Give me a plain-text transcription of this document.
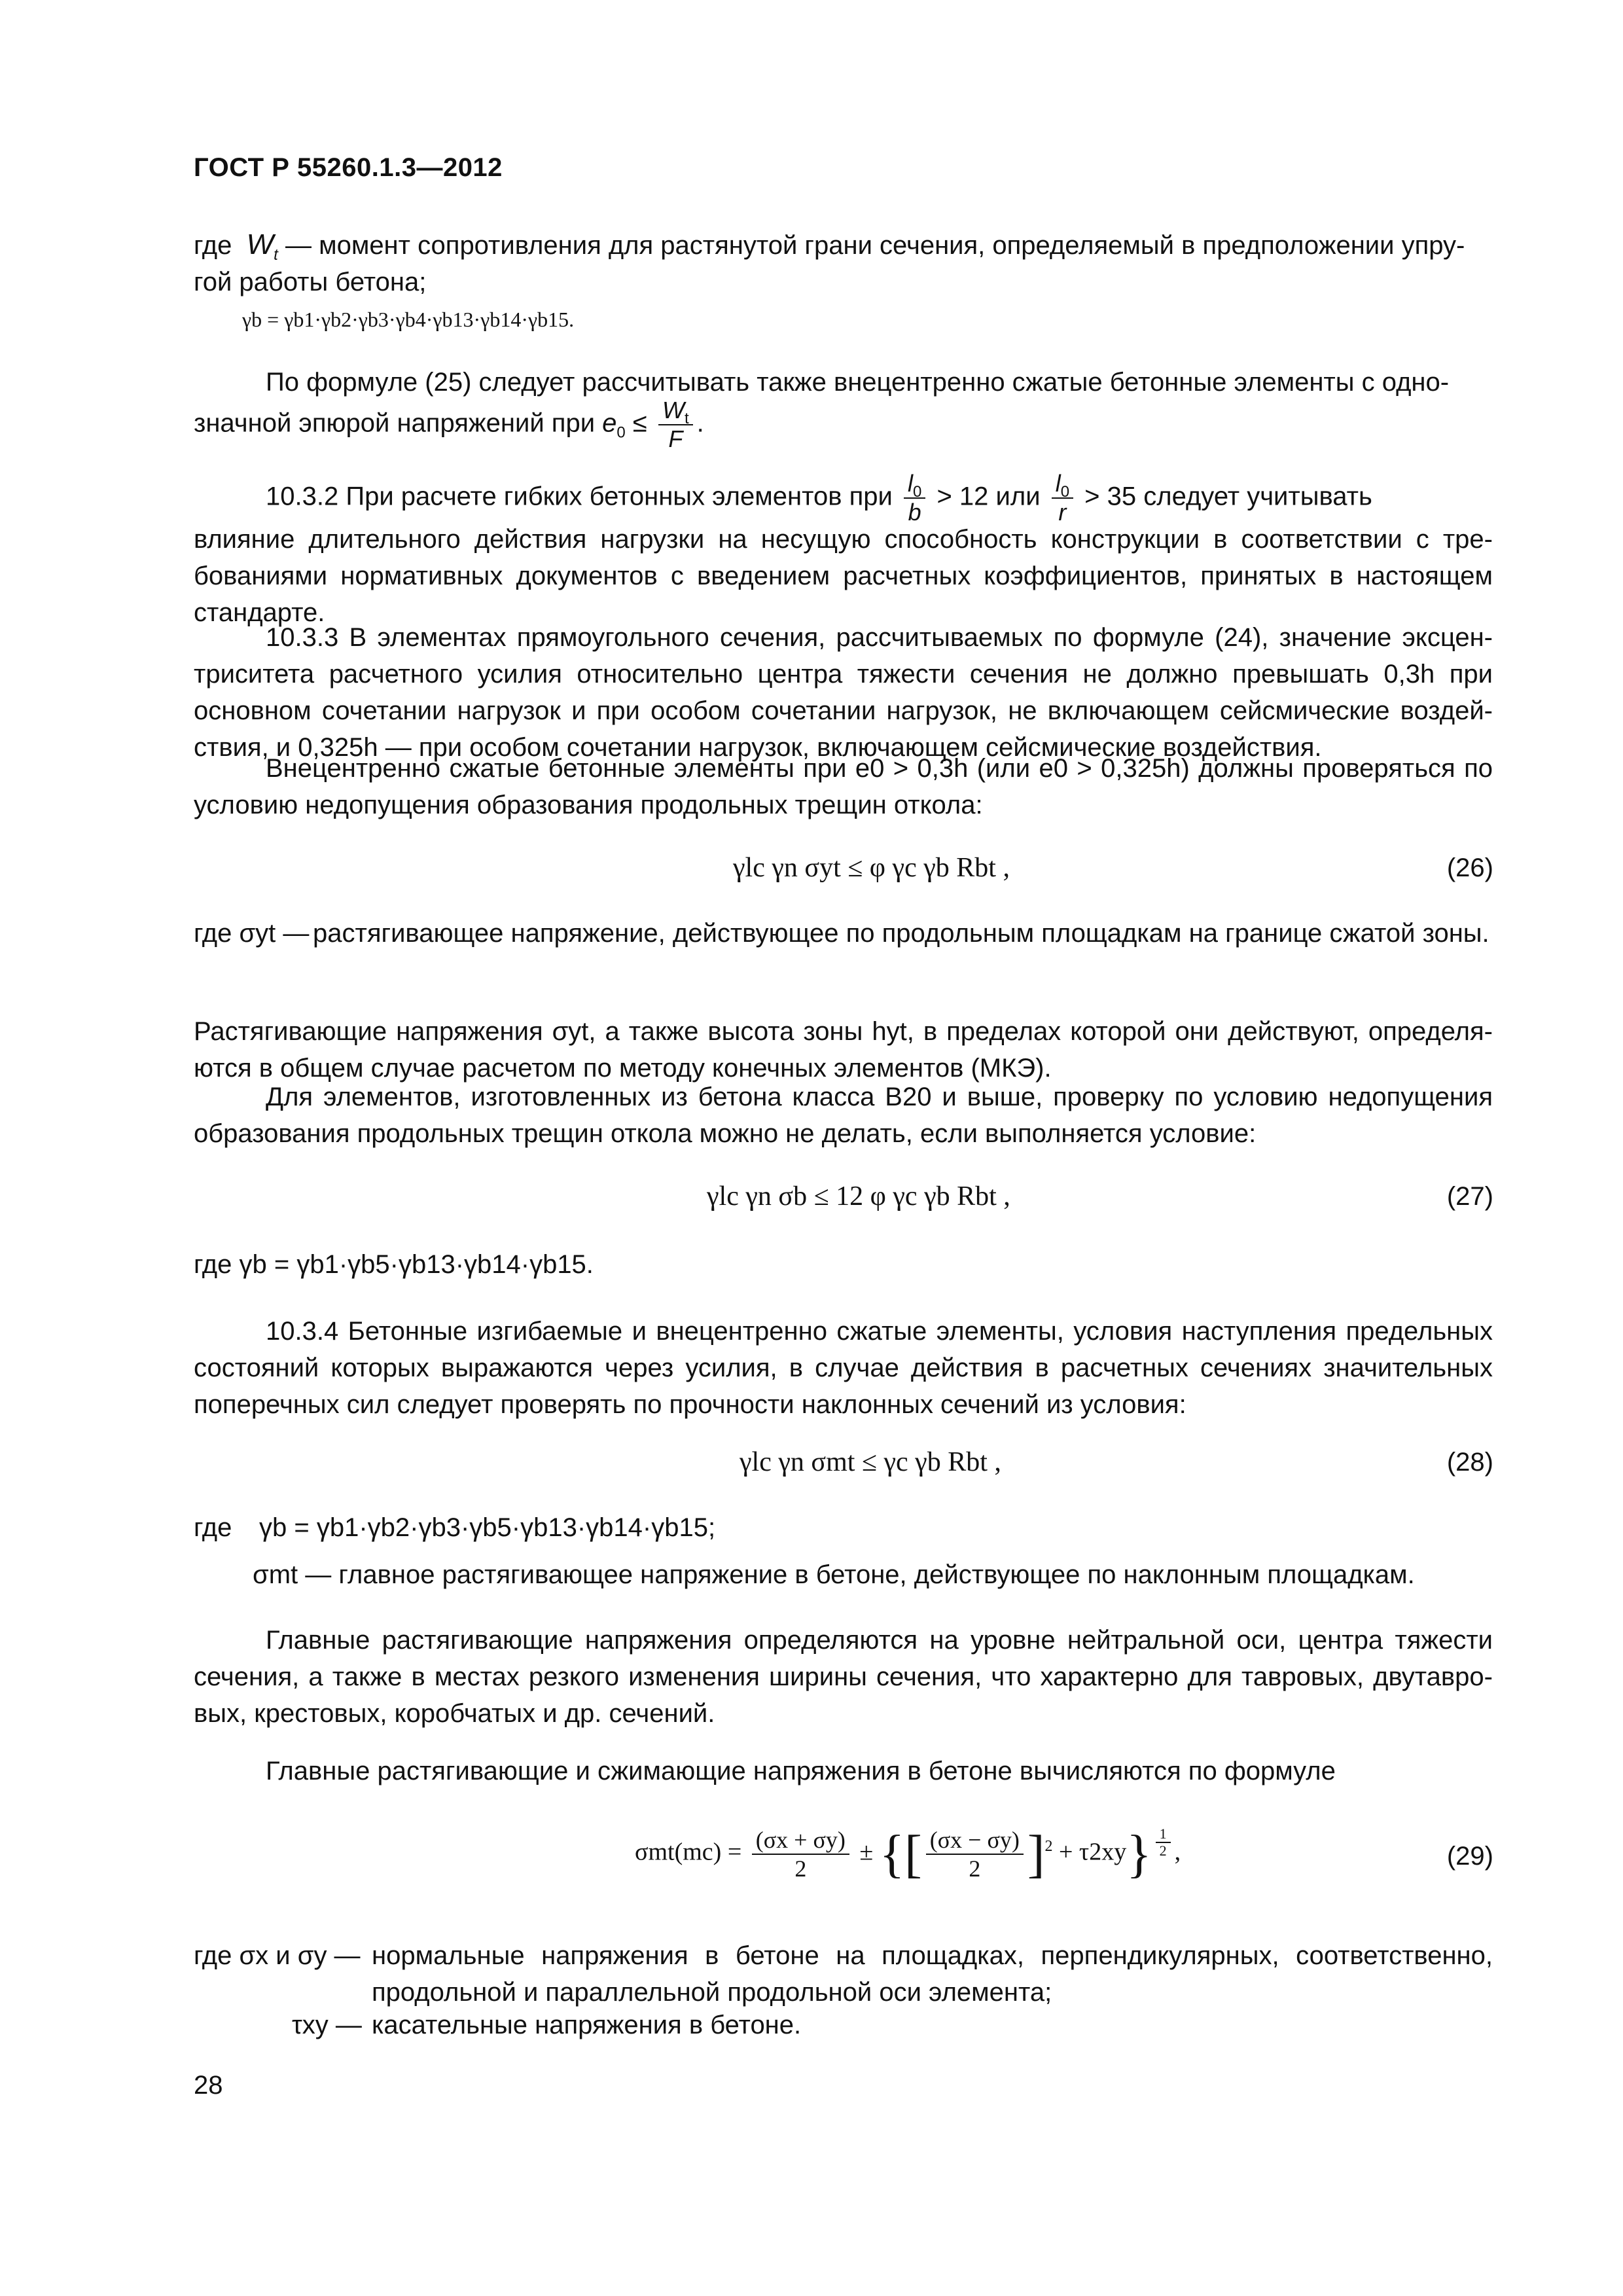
ГОСТ Р 55260.1.3—2012
где $W_t$ — момент сопротивления для растянутой грани сечения, определяемый в предположении упру-
гой работы бетона;
γb = γb1·γb2·γb3·γb4·γb13·γb14·γb15.
По формуле (25) следует рассчитывать также внецентренно сжатые бетонные элементы с одно-
значной эпюрой напряжений при $e_0 \le \frac{W_t}{F}$ .
10.3.2 При расчете гибких бетонных элементов при $\frac{l_0}{b} > 12$ или $\frac{l_0}{r} > 35$ следует учитывать
влияние длительного действия нагрузки на несущую способность конструкции в соответствии с тре-бованиями нормативных документов с введением расчетных коэффициентов, принятых в настоящем стандарте.
10.3.3 В элементах прямоугольного сечения, рассчитываемых по формуле (24), значение эксцен-триситета расчетного усилия относительно центра тяжести сечения не должно превышать 0,3h при основном сочетании нагрузок и при особом сочетании нагрузок, не включающем сейсмические воздей-ствия, и 0,325h — при особом сочетании нагрузок, включающем сейсмические воздействия.
Внецентренно сжатые бетонные элементы при e0 > 0,3h (или e0 > 0,325h) должны проверяться по условию недопущения образования продольных трещин откола:
γlc γn σyt ≤ φ γc γb Rbt ,	(26)
где σyt — растягивающее напряжение, действующее по продольным площадкам на границе сжатой зоны.
Растягивающие напряжения σyt, а также высота зоны hyt, в пределах которой они действуют, определя-ются в общем случае расчетом по методу конечных элементов (МКЭ).
Для элементов, изготовленных из бетона класса В20 и выше, проверку по условию недопущения образования продольных трещин откола можно не делать, если выполняется условие:
γlc γn σb ≤ 12 φ γc γb Rbt ,	(27)
где γb = γb1·γb5·γb13·γb14·γb15.
10.3.4 Бетонные изгибаемые и внецентренно сжатые элементы, условия наступления предельных состояний которых выражаются через усилия, в случае действия в расчетных сечениях значительных поперечных сил следует проверять по прочности наклонных сечений из условия:
γlc γn σmt ≤ γc γb Rbt ,	(28)
где γb = γb1·γb2·γb3·γb5·γb13·γb14·γb15;
σmt — главное растягивающее напряжение в бетоне, действующее по наклонным площадкам.
Главные растягивающие напряжения определяются на уровне нейтральной оси, центра тяжести сечения, а также в местах резкого изменения ширины сечения, что характерно для тавровых, двутавро-вых, крестовых, коробчатых и др. сечений.
Главные растягивающие и сжимающие напряжения в бетоне вычисляются по формуле
$\sigma mt(mc) = \frac{(\sigma x + \sigma y)}{2}$ ± {[ $\frac{(\sigma x - \sigma y)}{2} ]^2 + \tau 2xy\} \frac{1}{2}$ ,	(29)
где σx и σy — нормальные напряжения в бетоне на площадках, перпендикулярных, соответственно, продольной и параллельной продольной оси элемента;
τxy — касательные напряжения в бетоне.
28
